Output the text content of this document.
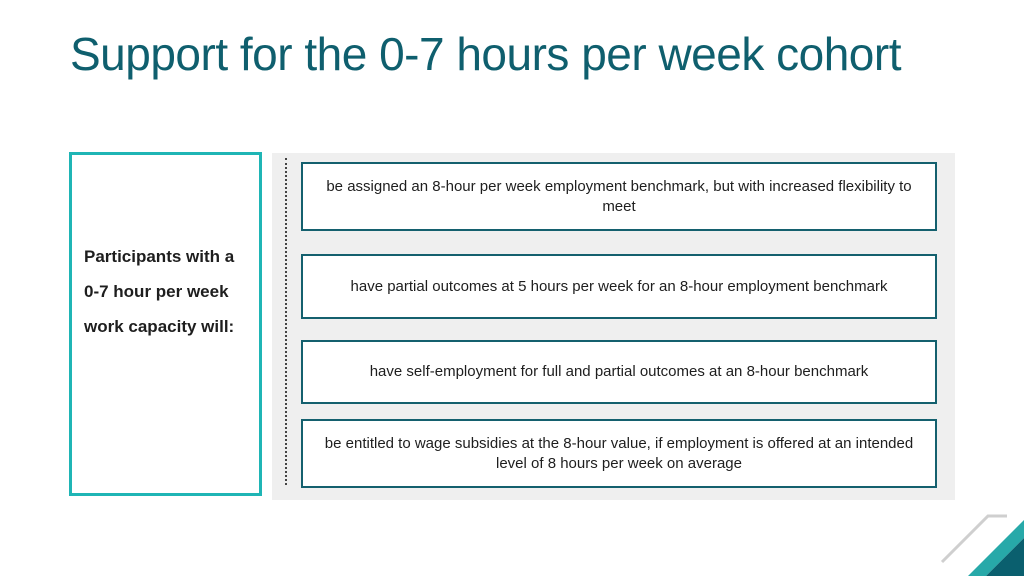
Support for the 0-7 hours per week cohort

Participants with a 0-7 hour per week work capacity will:

be assigned an 8-hour per week employment benchmark, but with increased flexibility to meet
have partial outcomes at 5 hours per week for an 8-hour employment benchmark
have self-employment for full and partial outcomes at an 8-hour benchmark
be entitled to wage subsidies at the 8-hour value, if employment is offered at an intended level of 8 hours per week on average
